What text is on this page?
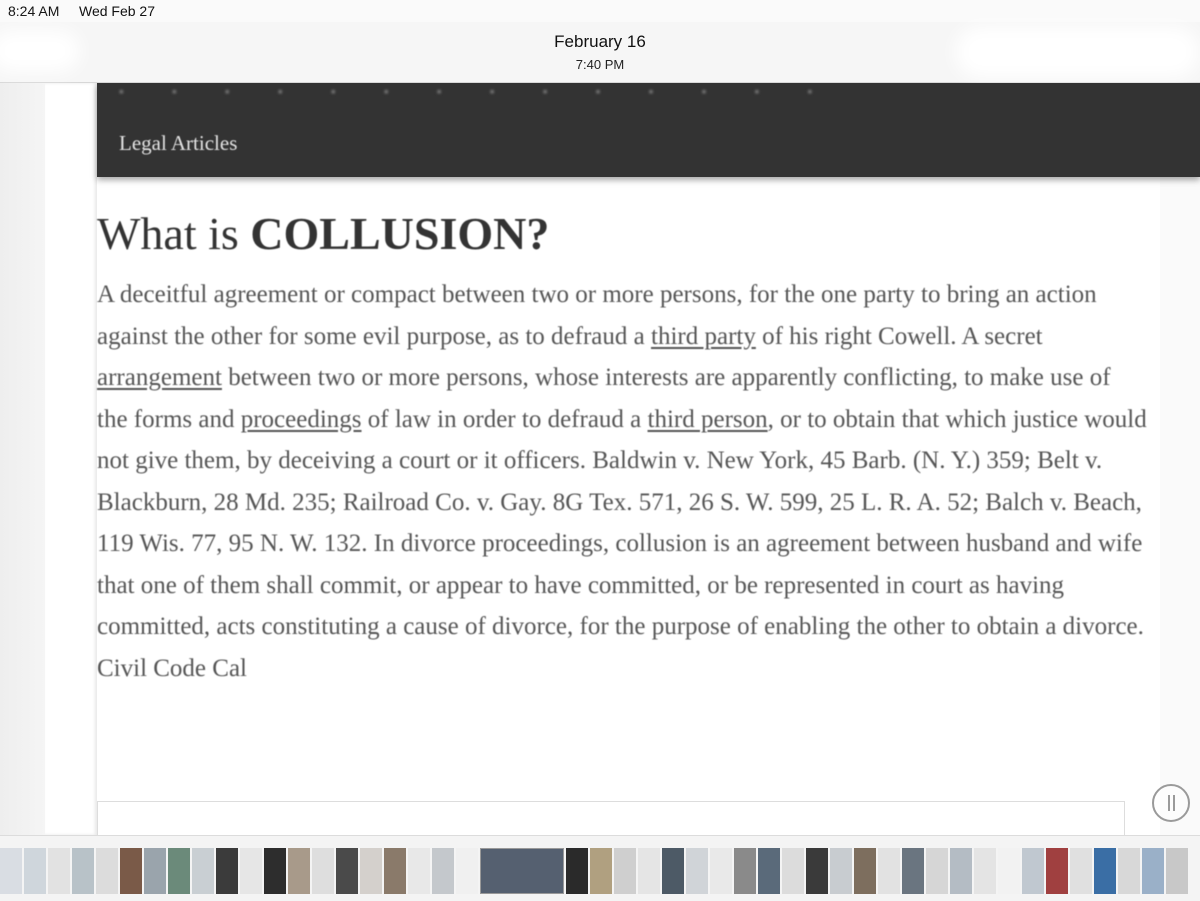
8:24 AM Wed Feb 27
February 16
7:40 PM
▪▪▪▪▪▪▪▪▪▪▪▪▪▪
Legal Articles
What is COLLUSION?
A deceitful agreement or compact between two or more persons, for the one party to bring an action against the other for some evil purpose, as to defraud a third party of his right Cowell. A secret arrangement between two or more persons, whose interests are apparently conflicting, to make use of the forms and proceedings of law in order to defraud a third person, or to obtain that which justice would not give them, by deceiving a court or it officers. Baldwin v. New York, 45 Barb. (N. Y.) 359; Belt v. Blackburn, 28 Md. 235; Railroad Co. v. Gay. 8G Tex. 571, 26 S. W. 599, 25 L. R. A. 52; Balch v. Beach, 119 Wis. 77, 95 N. W. 132. In divorce proceedings, collusion is an agreement between husband and wife that one of them shall commit, or appear to have committed, or be represented in court as having committed, acts constituting a cause of divorce, for the purpose of enabling the other to obtain a divorce. Civil Code Cal
